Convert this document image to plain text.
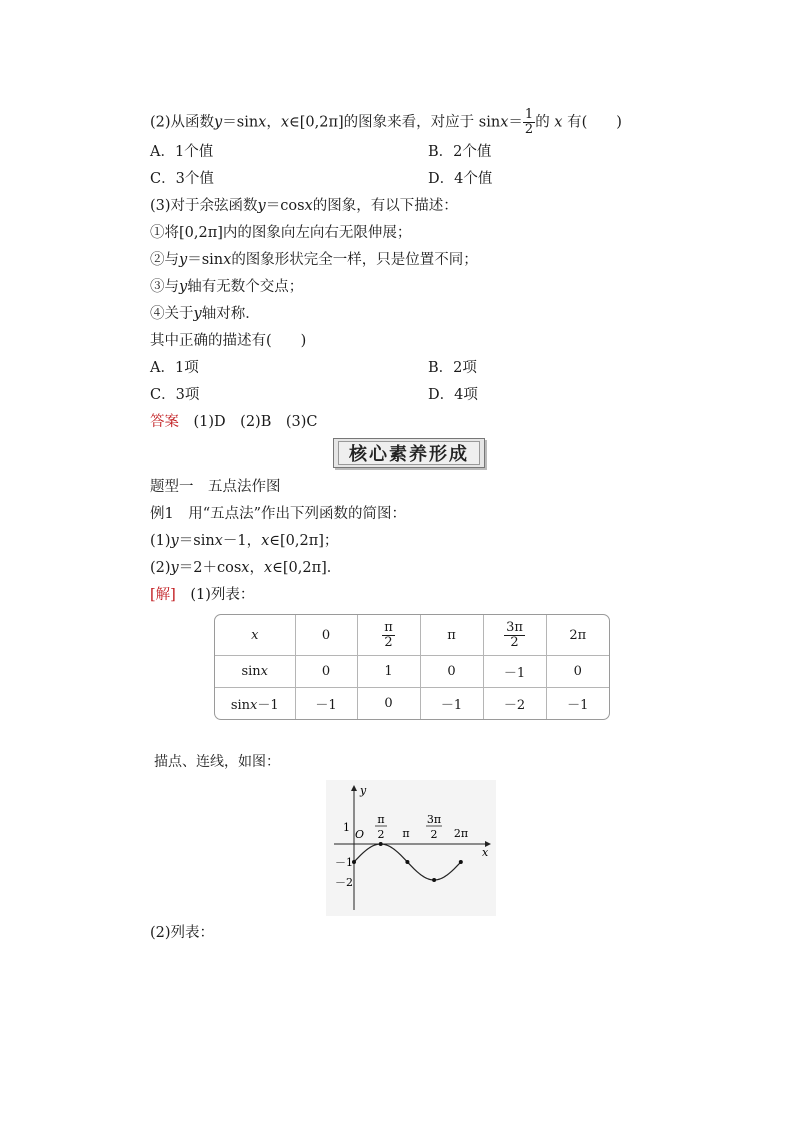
(2)从函数y＝sinx，x∈[0,2π]的图象来看，对应于 $\sin x= \frac{1}{2}$ 的 x 有(　　)
A．1个值	B．2个值
C．3个值	D．4个值
(3)对于余弦函数y＝cosx的图象，有以下描述：
①将[0,2π]内的图象向左向右无限伸展；
②与y＝sinx的图象形状完全一样，只是位置不同；
③与y轴有无数个交点；
④关于y轴对称．
其中正确的描述有(　　)
A．1项	B．2项
C．3项	D．4项
答案　 (1)D　(2)B　(3)C
核心素养形成
题型一　五点法作图
例1　用“五点法”作出下列函数的简图：
(1)y＝sinx－1，x∈[0,2π]；
(2)y＝2＋cosx，x∈[0,2π]．
[解]　 (1)列表：
x	0	$\frac{\pi}{2}$	π	$\frac{3\pi}{2}$	2π
sinx	0	1	0	－1	0
sinx－1	－1	0	－1	－2	－1
描点、连线，如图：
y
x
O
1
－1
－2
π
2 π
3π
2 2π
(2)列表：
